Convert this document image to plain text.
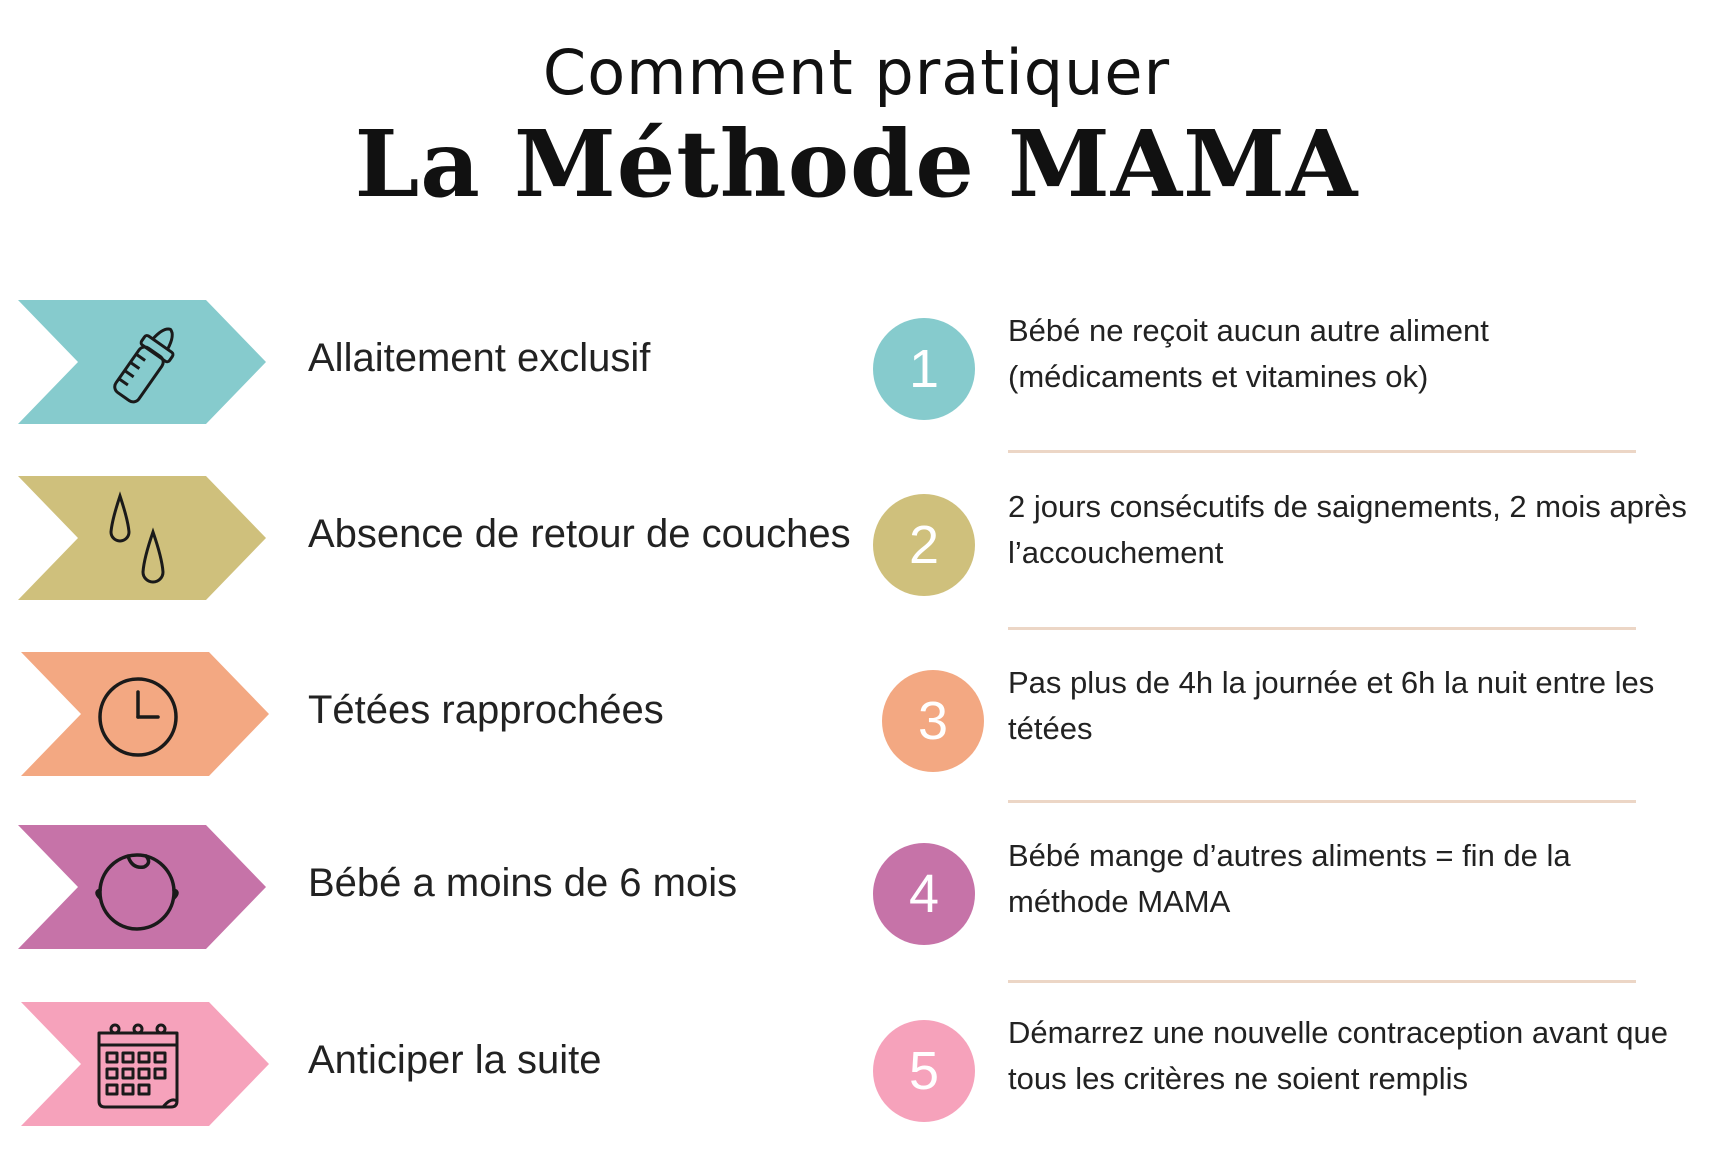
Comment pratiquer
La Méthode MAMA
Allaitement exclusif	1
Bébé ne reçoit aucun autre aliment (médicaments et vitamines ok)
Absence de retour de couches	2
2 jours consécutifs de saignements, 2 mois après l’accouchement
Tétées rapprochées	3
Pas plus de 4h la journée et 6h la nuit entre les tétées
Bébé a moins de 6 mois	4
Bébé mange d’autres aliments = fin de la méthode MAMA
Anticiper la suite	5
Démarrez une nouvelle contraception avant que tous les critères ne soient remplis
